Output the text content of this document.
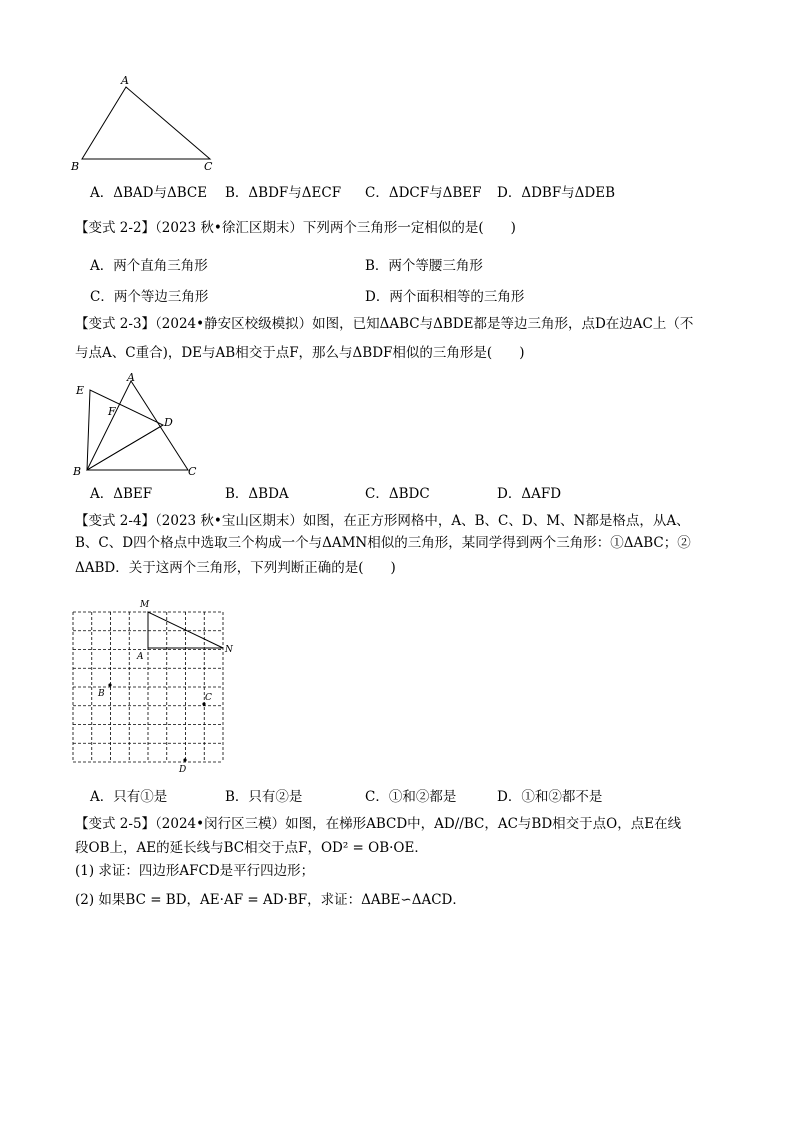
A
B	C
A．ΔBAD与ΔBCE B．ΔBDF与ΔECF C．ΔDCF与ΔBEF D．ΔDBF与ΔDEB
【变式 2-2】（2023 秋•徐汇区期末）下列两个三角形一定相似的是(　　)
A．两个直角三角形	B．两个等腰三角形
C．两个等边三角形	D．两个面积相等的三角形
【变式 2-3】（2024•静安区校级模拟）如图，已知ΔABC与ΔBDE都是等边三角形，点D在边AC上（不
与点A、C重合)，DE与AB相交于点F，那么与ΔBDF相似的三角形是(　　)
A
E
F
D
B	C
A．ΔBEF	B．ΔBDA	C．ΔBDC	D．ΔAFD
【变式 2-4】（2023 秋•宝山区期末）如图，在正方形网格中，A、B、C、D、M、N都是格点，从A、
B、C、D四个格点中选取三个构成一个与ΔAMN相似的三角形，某同学得到两个三角形：①ΔABC；②
ΔABD．关于这两个三角形，下列判断正确的是(　　)
M
N
A
B	C
D
A．只有①是	B．只有②是	C．①和②都是	D．①和②都不是
【变式 2-5】（2024•闵行区三模）如图，在梯形ABCD中，AD//BC，AC与BD相交于点O，点E在线
段OB上，AE的延长线与BC相交于点F，OD² = OB·OE．
(1) 求证：四边形AFCD是平行四边形；
(2) 如果BC = BD，AE·AF = AD·BF，求证：ΔABE∽ΔACD．
